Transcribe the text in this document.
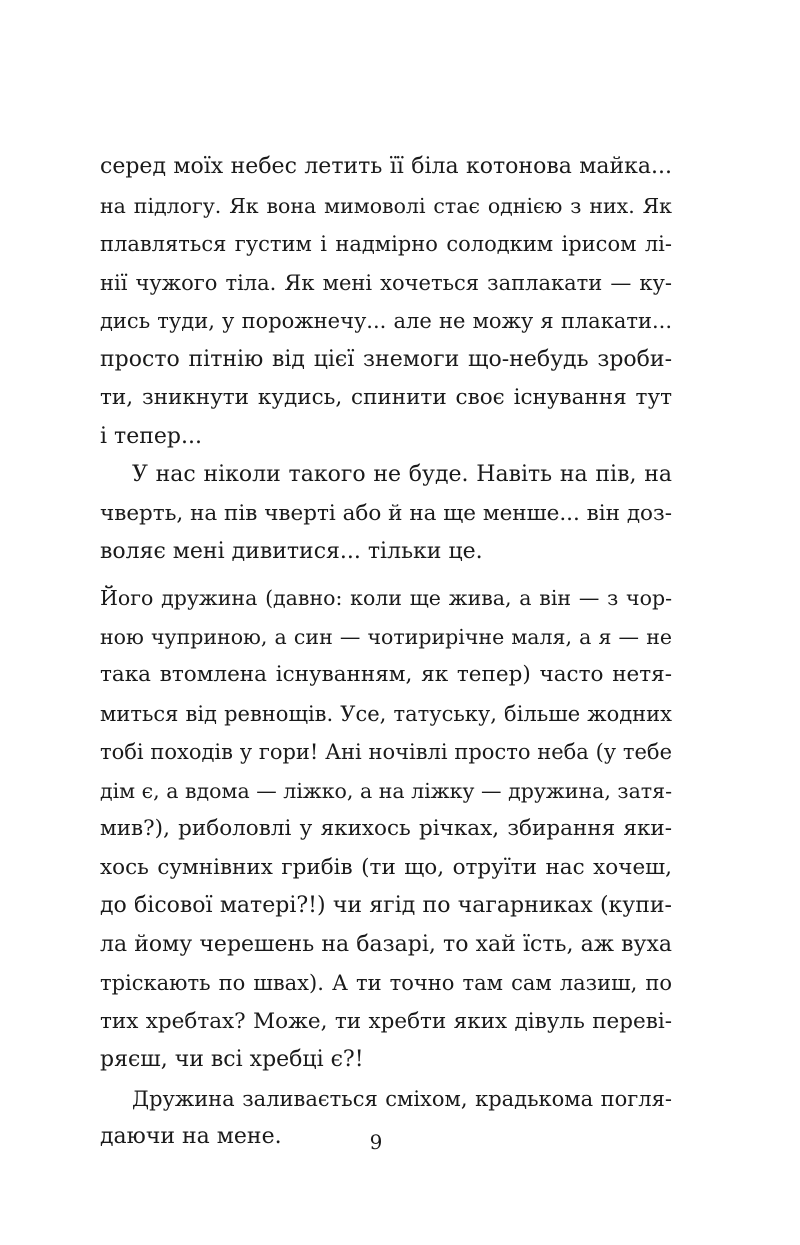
серед моїх небес летить її біла котонова майка...
на підлогу. Як вона мимоволі стає однією з них. Як
плавляться густим і надмірно солодким ірисом лі-
нії чужого тіла. Як мені хочеться заплакати — ку-
дись туди, у порожнечу... але не можу я плакати...
просто пітнію від цієї знемоги що-небудь зроби-
ти, зникнути кудись, спинити своє існування тут
і тепер...
У нас ніколи такого не буде. Навіть на пів, на
чверть, на пів чверті або й на ще менше... він доз-
воляє мені дивитися... тільки це.
Його дружина (давно: коли ще жива, а він — з чор-
ною чуприною, а син — чотирирічне маля, а я — не
така втомлена існуванням, як тепер) часто нетя-
миться від ревнощів. Усе, татуську, більше жодних
тобі походів у гори! Ані ночівлі просто неба (у тебе
дім є, а вдома — ліжко, а на ліжку — дружина, затя-
мив?), риболовлі у якихось річках, збирання яки-
хось сумнівних грибів (ти що, отруїти нас хочеш,
до бісової матері?!) чи ягід по чагарниках (купи-
ла йому черешень на базарі, то хай їсть, аж вуха
тріскають по швах). А ти точно там сам лазиш, по
тих хребтах? Може, ти хребти яких дівуль переві-
ряєш, чи всі хребці є?!
Дружина заливається сміхом, крадькома погля-
даючи на мене.	9
